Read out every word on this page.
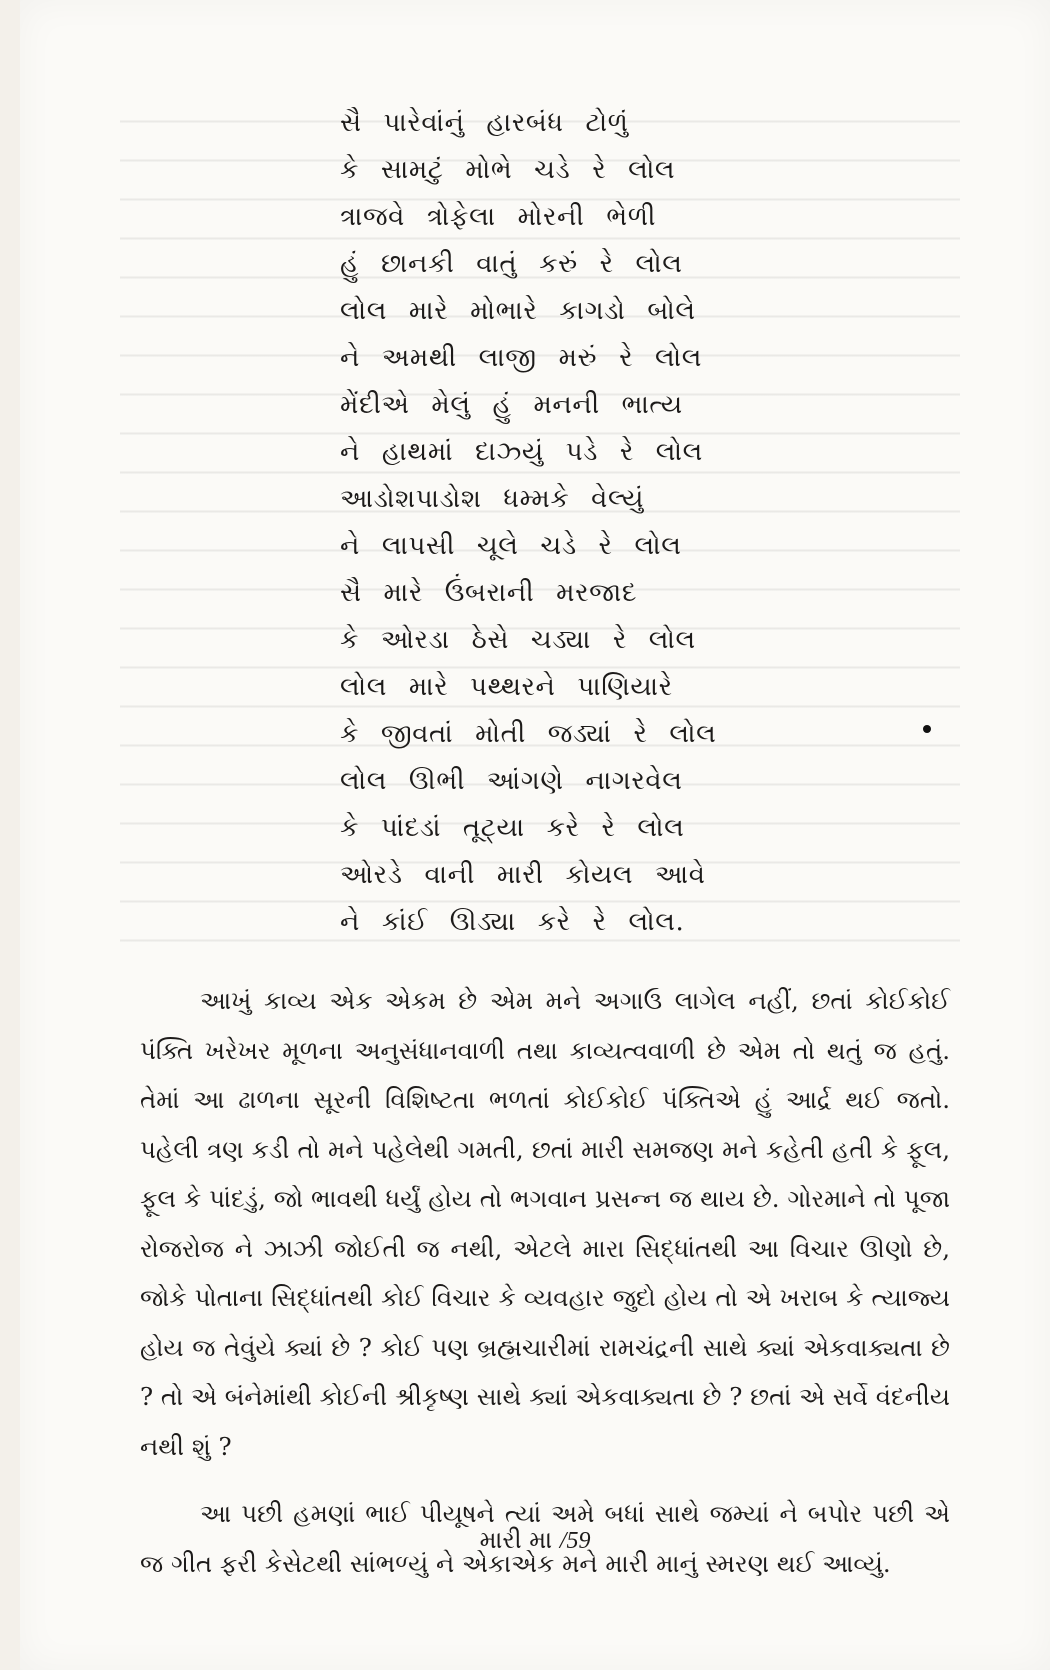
સૈ પારેવાંનું હારબંધ ટોળું
કે સામટું મોભે ચડે રે લોલ
ત્રાજવે ત્રોફેલા મોરની ભેળી
હું છાનકી વાતું કરું રે લોલ
લોલ મારે મોભારે કાગડો બોલે
ને અમથી લાજી મરું રે લોલ
મેંદીએ મેલું હું મનની ભાત્ય
ને હાથમાં દાઝ્યું પડે રે લોલ
આડોશપાડોશ ધમ્મકે વેલ્યું
ને લાપસી ચૂલે ચડે રે લોલ
સૈ મારે ઉંબરાની મરજાદ
કે ઓરડા ઠેસે ચડ્યા રે લોલ
લોલ મારે પથ્થરને પાણિયારે
કે જીવતાં મોતી જડ્યાં રે લોલ
લોલ ઊભી આંગણે નાગરવેલ
કે પાંદડાં તૂટ્યા કરે રે લોલ
ઓરડે વાની મારી કોયલ આવે
ને કાંઈ ઊડ્યા કરે રે લોલ.

આખું કાવ્ય એક એકમ છે એમ મને અગાઉ લાગેલ નહીં, છતાં કોઈકોઈ પંક્તિ ખરેખર મૂળના અનુસંધાનવાળી તથા કાવ્યત્વવાળી છે એમ તો થતું જ હતું. તેમાં આ ઢાળના સૂરની વિશિષ્ટતા ભળતાં કોઈકોઈ પંક્તિએ હું આર્દ્ર થઈ જતો. પહેલી ત્રણ કડી તો મને પહેલેથી ગમતી, છતાં મારી સમજણ મને કહેતી હતી કે ફૂલ, ફૂલ કે પાંદડું, જો ભાવથી ધર્યું હોય તો ભગવાન પ્રસન્ન જ થાય છે. ગોરમાને તો પૂજા રોજરોજ ને ઝાઝી જોઈતી જ નથી, એટલે મારા સિદ્ધાંતથી આ વિચાર ઊણો છે, જોકે પોતાના સિદ્ધાંતથી કોઈ વિચાર કે વ્યવહાર જુદો હોય તો એ ખરાબ કે ત્યાજ્ય હોય જ તેવુંયે ક્યાં છે ? કોઈ પણ બ્રહ્મચારીમાં રામચંદ્રની સાથે ક્યાં એકવાક્યતા છે ? તો એ બંનેમાંથી કોઈની શ્રીકૃષ્ણ સાથે ક્યાં એકવાક્યતા છે ? છતાં એ સર્વે વંદનીય નથી શું ?

આ પછી હમણાં ભાઈ પીયૂષને ત્યાં અમે બધાં સાથે જમ્યાં ને બપોર પછી એ જ ગીત ફરી કેસેટથી સાંભળ્યું ને એકાએક મને મારી માનું સ્મરણ થઈ આવ્યું.

મારી મા /59
